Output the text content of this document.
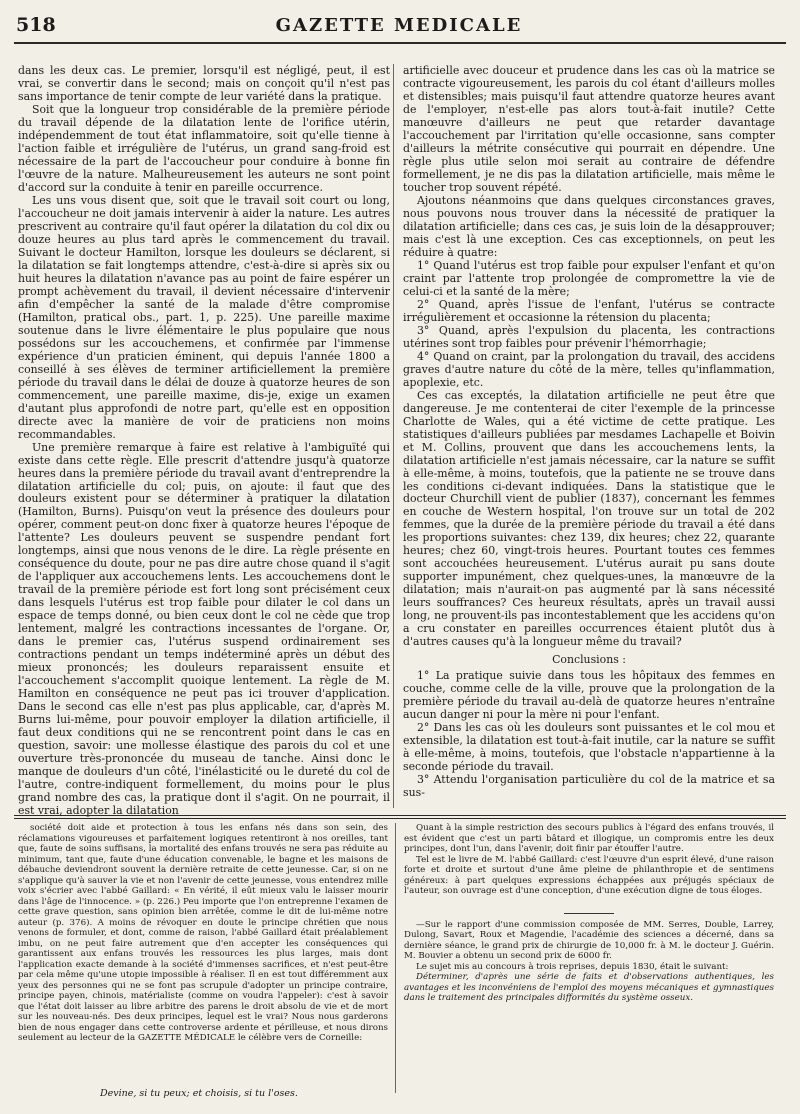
518	GAZETTE MEDICALE

dans les deux cas. Le premier, lorsqu'il est négligé, peut, il est vrai, se convertir dans le second; mais on conçoit qu'il n'est pas sans importance de tenir compte de leur variété dans la pratique.

Soit que la longueur trop considérable de la première période du travail dépende de la dilatation lente de l'orifice utérin, indépendemment de tout état inflammatoire, soit qu'elle tienne à l'action faible et irrégulière de l'utérus, un grand sang-froid est nécessaire de la part de l'accoucheur pour conduire à bonne fin l'œuvre de la nature. Malheureusement les auteurs ne sont point d'accord sur la conduite à tenir en pareille occurrence.

Les uns vous disent que, soit que le travail soit court ou long, l'accoucheur ne doit jamais intervenir à aider la nature. Les autres prescrivent au contraire qu'il faut opérer la dilatation du col dix ou douze heures au plus tard après le commencement du travail. Suivant le docteur Hamilton, lorsque les douleurs se déclarent, si la dilatation se fait longtemps attendre, c'est-à-dire si après six ou huit heures la dilatation n'avance pas au point de faire espérer un prompt achèvement du travail, il devient nécessaire d'intervenir afin d'empêcher la santé de la malade d'être compromise (Hamilton, pratical obs., part. 1, p. 225). Une pareille maxime soutenue dans le livre élémentaire le plus populaire que nous possédons sur les accouchemens, et confirmée par l'immense expérience d'un praticien éminent, qui depuis l'année 1800 a conseillé à ses élèves de terminer artificiellement la première période du travail dans le délai de douze à quatorze heures de son commencement, une pareille maxime, dis-je, exige un examen d'autant plus approfondi de notre part, qu'elle est en opposition directe avec la manière de voir de praticiens non moins recommandables.

Une première remarque à faire est relative à l'ambiguïté qui existe dans cette règle. Elle prescrit d'attendre jusqu'à quatorze heures dans la première période du travail avant d'entreprendre la dilatation artificielle du col; puis, on ajoute: il faut que des douleurs existent pour se déterminer à pratiquer la dilatation (Hamilton, Burns). Puisqu'on veut la présence des douleurs pour opérer, comment peut-on donc fixer à quatorze heures l'époque de l'attente? Les douleurs peuvent se suspendre pendant fort longtemps, ainsi que nous venons de le dire. La règle présente en conséquence du doute, pour ne pas dire autre chose quand il s'agit de l'appliquer aux accouchemens lents. Les accouchemens dont le travail de la première période est fort long sont précisément ceux dans lesquels l'utérus est trop faible pour dilater le col dans un espace de temps donné, ou bien ceux dont le col ne cède que trop lentement, malgré les contractions incessantes de l'organe. Or, dans le premier cas, l'utérus suspend ordinairement ses contractions pendant un temps indéterminé après un début des mieux prononcés; les douleurs reparaissent ensuite et l'accouchement s'accomplit quoique lentement. La règle de M. Hamilton en conséquence ne peut pas ici trouver d'application. Dans le second cas elle n'est pas plus applicable, car, d'après M. Burns lui-même, pour pouvoir employer la dilation artificielle, il faut deux conditions qui ne se rencontrent point dans le cas en question, savoir: une mollesse élastique des parois du col et une ouverture très-prononcée du museau de tanche. Ainsi donc le manque de douleurs d'un côté, l'inélasticité ou le dureté du col de l'autre, contre-indiquent formellement, du moins pour le plus grand nombre des cas, la pratique dont il s'agit. On ne pourrait, il est vrai, adopter la dilatation

artificielle avec douceur et prudence dans les cas où la matrice se contracte vigoureusement, les parois du col étant d'ailleurs molles et distensibles; mais puisqu'il faut attendre quatorze heures avant de l'employer, n'est-elle pas alors tout-à-fait inutile? Cette manœuvre d'ailleurs ne peut que retarder davantage l'accouchement par l'irritation qu'elle occasionne, sans compter d'ailleurs la métrite consécutive qui pourrait en dépendre. Une règle plus utile selon moi serait au contraire de défendre formellement, je ne dis pas la dilatation artificielle, mais même le toucher trop souvent répété.

Ajoutons néanmoins que dans quelques circonstances graves, nous pouvons nous trouver dans la nécessité de pratiquer la dilatation artificielle; dans ces cas, je suis loin de la désapprouver; mais c'est là une exception. Ces cas exceptionnels, on peut les réduire à quatre:

1° Quand l'utérus est trop faible pour expulser l'enfant et qu'on craint par l'attente trop prolongée de compromettre la vie de celui-ci et la santé de la mère;

2° Quand, après l'issue de l'enfant, l'utérus se contracte irrégulièrement et occasionne la rétension du placenta;

3° Quand, après l'expulsion du placenta, les contractions utérines sont trop faibles pour prévenir l'hémorrhagie;

4° Quand on craint, par la prolongation du travail, des accidens graves d'autre nature du côté de la mère, telles qu'inflammation, apoplexie, etc.

Ces cas exceptés, la dilatation artificielle ne peut être que dangereuse. Je me contenterai de citer l'exemple de la princesse Charlotte de Wales, qui a été victime de cette pratique. Les statistiques d'ailleurs publiées par mesdames Lachapelle et Boivin et M. Collins, prouvent que dans les accouchemens lents, la dilatation artificielle n'est jamais nécessaire, car la nature se suffit à elle-même, à moins, toutefois, que la patiente ne se trouve dans les conditions ci-devant indiquées. Dans la statistique que le docteur Churchill vient de publier (1837), concernant les femmes en couche de Western hospital, l'on trouve sur un total de 202 femmes, que la durée de la première période du travail a été dans les proportions suivantes: chez 139, dix heures; chez 22, quarante heures; chez 60, vingt-trois heures. Pourtant toutes ces femmes sont accouchées heureusement. L'utérus aurait pu sans doute supporter impunément, chez quelques-unes, la manœuvre de la dilatation; mais n'aurait-on pas augmenté par là sans nécessité leurs souffrances? Ces heureux résultats, après un travail aussi long, ne prouvent-ils pas incontestablement que les accidens qu'on a cru constater en pareilles occurrences étaient plutôt dus à d'autres causes qu'à la longueur même du travail?

Conclusions :

1° La pratique suivie dans tous les hôpitaux des femmes en couche, comme celle de la ville, prouve que la prolongation de la première période du travail au-delà de quatorze heures n'entraîne aucun danger ni pour la mère ni pour l'enfant.

2° Dans les cas où les douleurs sont puissantes et le col mou et extensible, la dilatation est tout-à-fait inutile, car la nature se suffit à elle-même, à moins, toutefois, que l'obstacle n'appartienne à la seconde période du travail.

3° Attendu l'organisation particulière du col de la matrice et sa sus-

société doit aide et protection à tous les enfans nés dans son sein, des réclamations vigoureuses et parfaitement logiques retentiront à nos oreilles, tant que, faute de soins suffisans, la mortalité des enfans trouvés ne sera pas réduite au minimum, tant que, faute d'une éducation convenable, le bagne et les maisons de débauche deviendront souvent la dernière retraite de cette jeunesse. Car, si on ne s'applique qu'à sauver la vie et non l'avenir de cette jeunesse, vous entendrez mille voix s'écrier avec l'abbé Gaillard: « En vérité, il eût mieux valu le laisser mourir dans l'âge de l'innocence. » (p. 226.) Peu importe que l'on entreprenne l'examen de cette grave question, sans opinion bien arrêtée, comme le dit de lui-même notre auteur (p. 376). A moins de révoquer en doute le principe chrétien que nous venons de formuler, et dont, comme de raison, l'abbé Gaillard était préalablement imbu, on ne peut faire autrement que d'en accepter les conséquences qui garantissent aux enfans trouvés les ressources les plus larges, mais dont l'application exacte demande à la société d'immenses sacrifices, et n'est peut-être par cela même qu'une utopie impossible à réaliser. Il en est tout différemment aux yeux des personnes qui ne se font pas scrupule d'adopter un principe contraire, principe payen, chinois, matérialiste (comme on voudra l'appeler): c'est à savoir que l'état doit laisser au libre arbitre des parens le droit absolu de vie et de mort sur les nouveau-nés. Des deux principes, lequel est le vrai? Nous nous garderons bien de nous engager dans cette controverse ardente et périlleuse, et nous dirons seulement au lecteur de la GAZETTE MÉDICALE le célèbre vers de Corneille:

Quant à la simple restriction des secours publics à l'égard des enfans trouvés, il est évident que c'est un parti bâtard et illogique, un compromis entre les deux principes, dont l'un, dans l'avenir, doit finir par étouffer l'autre.

Tel est le livre de M. l'abbé Gaillard: c'est l'œuvre d'un esprit élevé, d'une raison forte et droite et surtout d'une âme pleine de philanthropie et de sentimens généreux: à part quelques expressions échappées aux préjugés spéciaux de l'auteur, son ouvrage est d'une conception, d'une exécution digne de tous éloges.

—Sur le rapport d'une commission composée de MM. Serres, Double, Larrey, Dulong, Savart, Roux et Magendie, l'académie des sciences a décerné, dans sa dernière séance, le grand prix de chirurgie de 10,000 fr. à M. le docteur J. Guérin. M. Bouvier a obtenu un second prix de 6000 fr.

Le sujet mis au concours à trois reprises, depuis 1830, était le suivant:

Déterminer, d'après une série de faits et d'observations authentiques, les avantages et les inconvéniens de l'emploi des moyens mécaniques et gymnastiques dans le traitement des principales difformités du système osseux.

Devine, si tu peux; et choisis, si tu l'oses.
